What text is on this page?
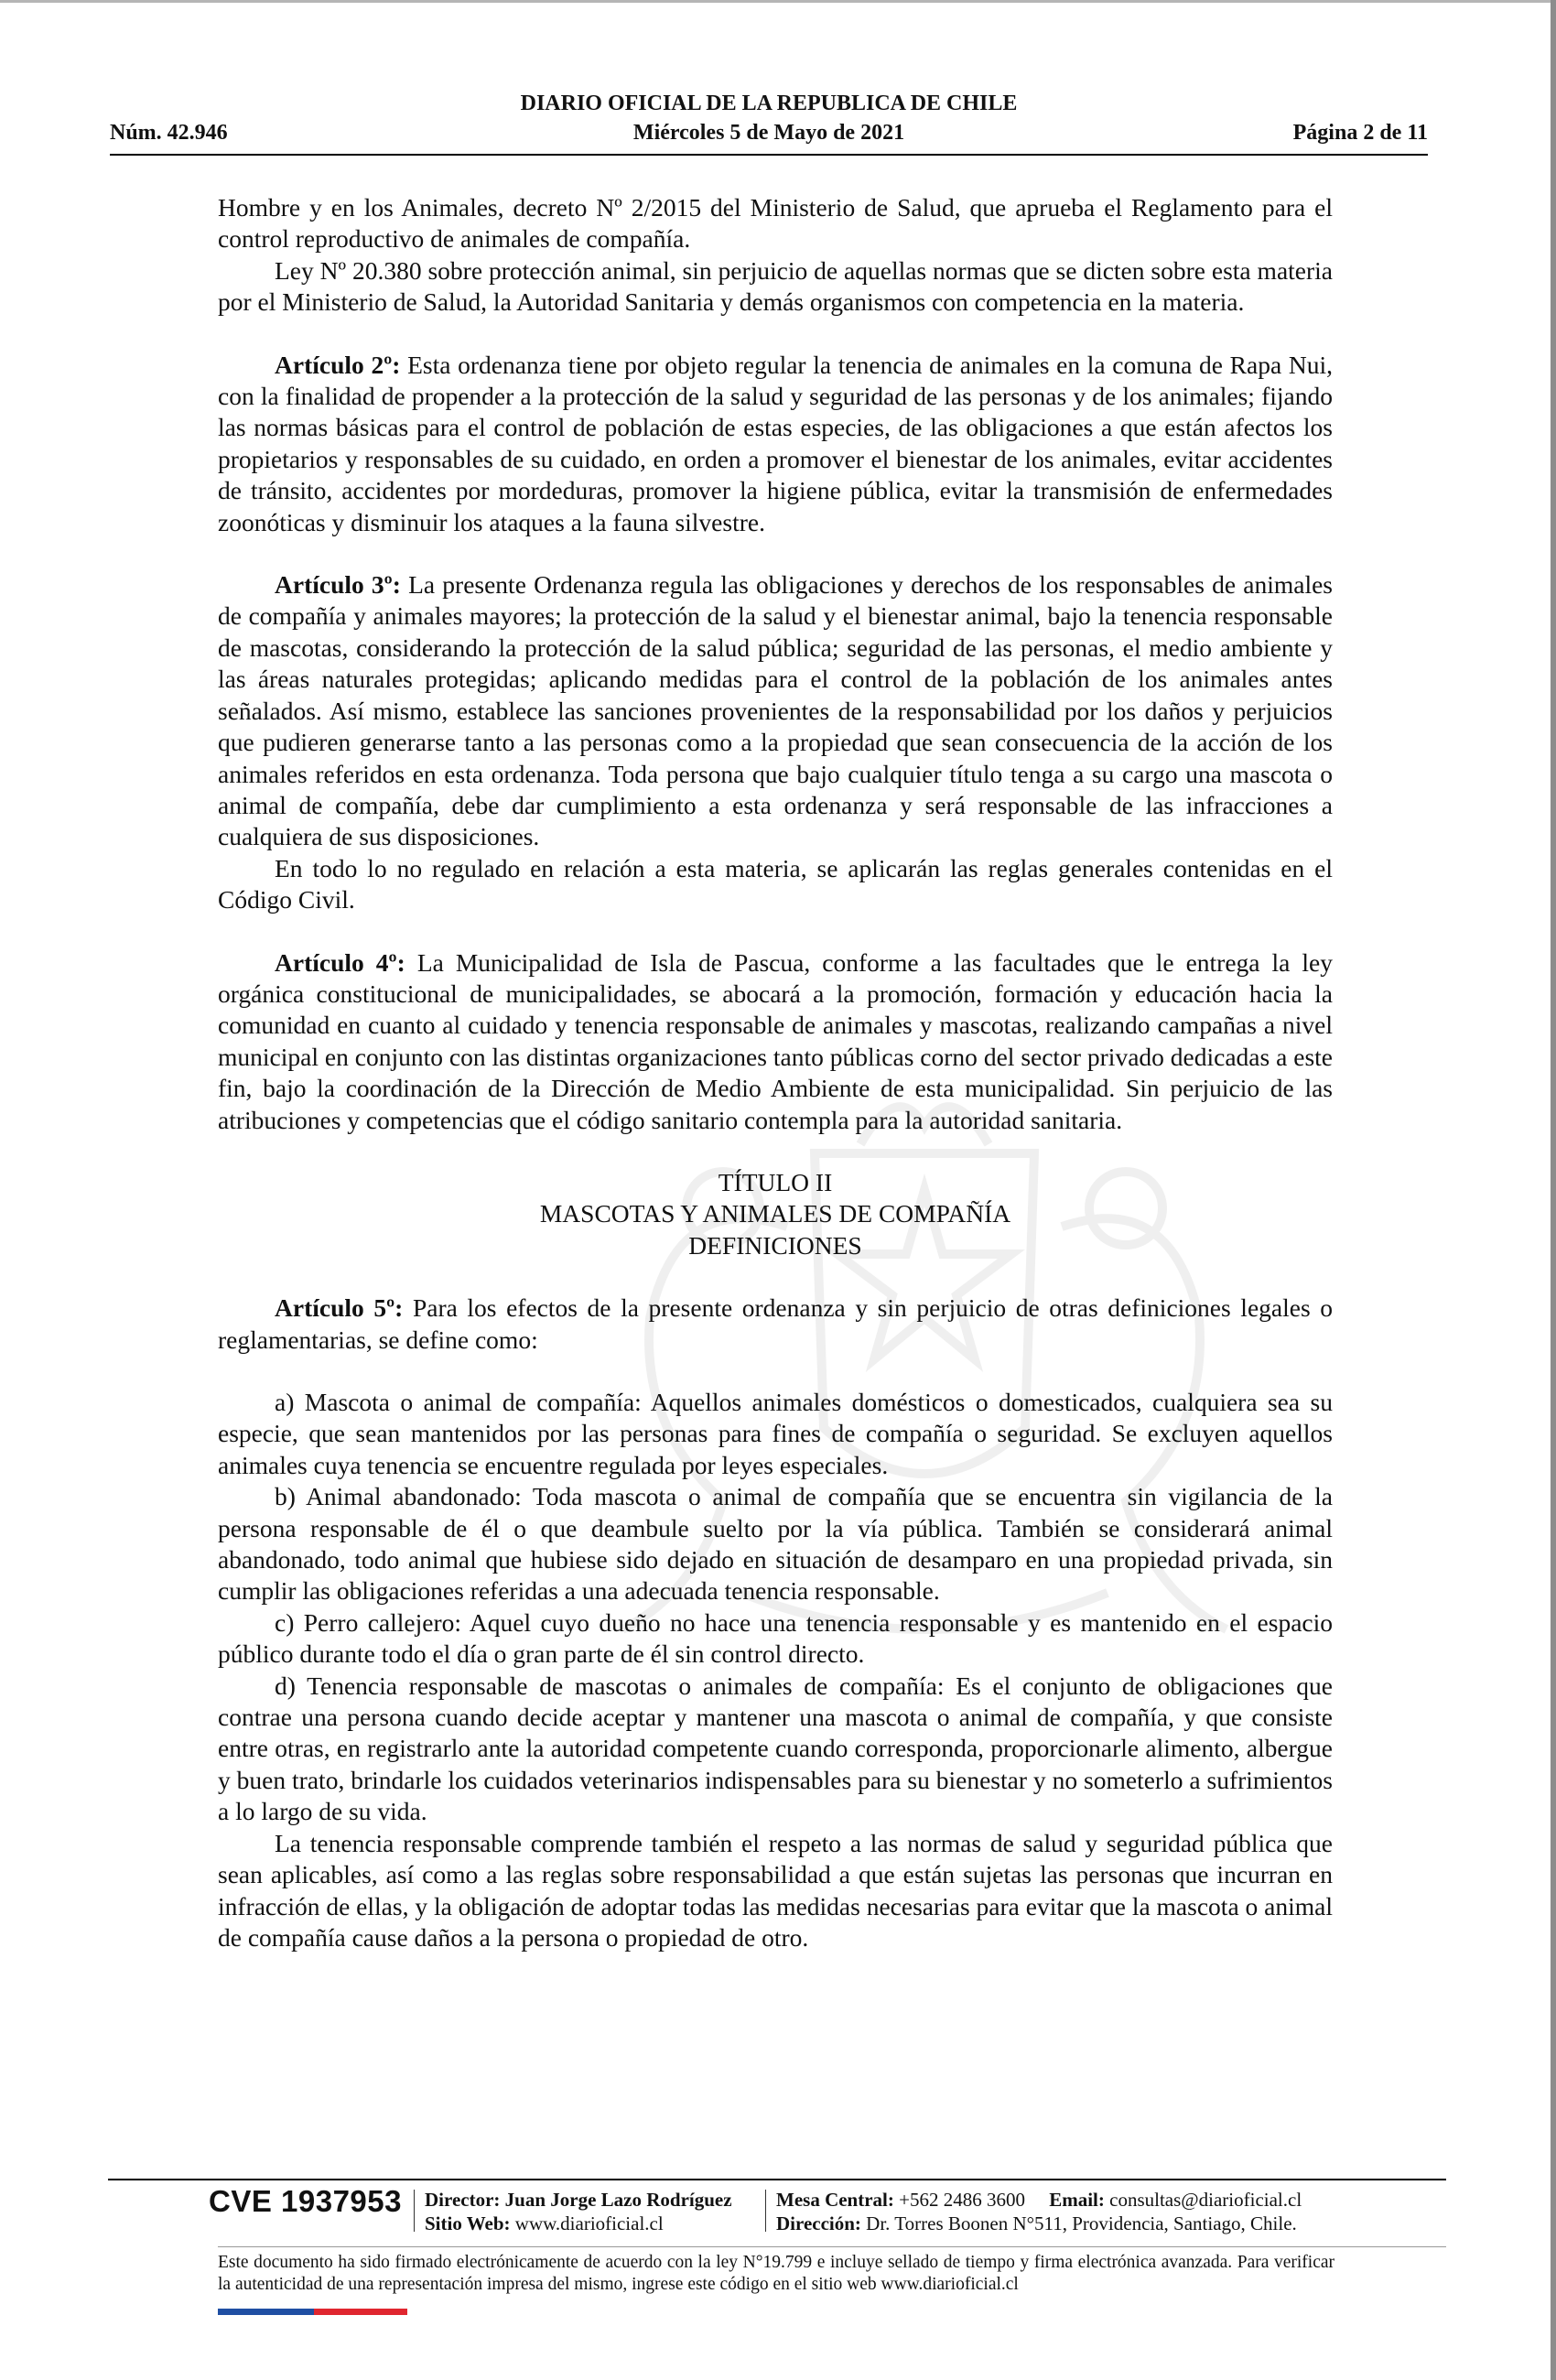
DIARIO OFICIAL DE LA REPUBLICA DE CHILE
Núm. 42.946	Miércoles 5 de Mayo de 2021	Página 2 de 11

Hombre y en los Animales, decreto Nº 2/2015 del Ministerio de Salud, que aprueba el Reglamento para el control reproductivo de animales de compañía.

Ley Nº 20.380 sobre protección animal, sin perjuicio de aquellas normas que se dicten sobre esta materia por el Ministerio de Salud, la Autoridad Sanitaria y demás organismos con competencia en la materia.

Artículo 2º: Esta ordenanza tiene por objeto regular la tenencia de animales en la comuna de Rapa Nui, con la finalidad de propender a la protección de la salud y seguridad de las personas y de los animales; fijando las normas básicas para el control de población de estas especies, de las obligaciones a que están afectos los propietarios y responsables de su cuidado, en orden a promover el bienestar de los animales, evitar accidentes de tránsito, accidentes por mordeduras, promover la higiene pública, evitar la transmisión de enfermedades zoonóticas y disminuir los ataques a la fauna silvestre.

Artículo 3º: La presente Ordenanza regula las obligaciones y derechos de los responsables de animales de compañía y animales mayores; la protección de la salud y el bienestar animal, bajo la tenencia responsable de mascotas, considerando la protección de la salud pública; seguridad de las personas, el medio ambiente y las áreas naturales protegidas; aplicando medidas para el control de la población de los animales antes señalados. Así mismo, establece las sanciones provenientes de la responsabilidad por los daños y perjuicios que pudieren generarse tanto a las personas como a la propiedad que sean consecuencia de la acción de los animales referidos en esta ordenanza. Toda persona que bajo cualquier título tenga a su cargo una mascota o animal de compañía, debe dar cumplimiento a esta ordenanza y será responsable de las infracciones a cualquiera de sus disposiciones.

En todo lo no regulado en relación a esta materia, se aplicarán las reglas generales contenidas en el Código Civil.

Artículo 4º: La Municipalidad de Isla de Pascua, conforme a las facultades que le entrega la ley orgánica constitucional de municipalidades, se abocará a la promoción, formación y educación hacia la comunidad en cuanto al cuidado y tenencia responsable de animales y mascotas, realizando campañas a nivel municipal en conjunto con las distintas organizaciones tanto públicas corno del sector privado dedicadas a este fin, bajo la coordinación de la Dirección de Medio Ambiente de esta municipalidad. Sin perjuicio de las atribuciones y competencias que el código sanitario contempla para la autoridad sanitaria.

TÍTULO II

MASCOTAS Y ANIMALES DE COMPAÑÍA

DEFINICIONES

Artículo 5º: Para los efectos de la presente ordenanza y sin perjuicio de otras definiciones legales o reglamentarias, se define como:

a) Mascota o animal de compañía: Aquellos animales domésticos o domesticados, cualquiera sea su especie, que sean mantenidos por las personas para fines de compañía o seguridad. Se excluyen aquellos animales cuya tenencia se encuentre regulada por leyes especiales.

b) Animal abandonado: Toda mascota o animal de compañía que se encuentra sin vigilancia de la persona responsable de él o que deambule suelto por la vía pública. También se considerará animal abandonado, todo animal que hubiese sido dejado en situación de desamparo en una propiedad privada, sin cumplir las obligaciones referidas a una adecuada tenencia responsable.

c) Perro callejero: Aquel cuyo dueño no hace una tenencia responsable y es mantenido en el espacio público durante todo el día o gran parte de él sin control directo.

d) Tenencia responsable de mascotas o animales de compañía: Es el conjunto de obligaciones que contrae una persona cuando decide aceptar y mantener una mascota o animal de compañía, y que consiste entre otras, en registrarlo ante la autoridad competente cuando corresponda, proporcionarle alimento, albergue y buen trato, brindarle los cuidados veterinarios indispensables para su bienestar y no someterlo a sufrimientos a lo largo de su vida.

La tenencia responsable comprende también el respeto a las normas de salud y seguridad pública que sean aplicables, así como a las reglas sobre responsabilidad a que están sujetas las personas que incurran en infracción de ellas, y la obligación de adoptar todas las medidas necesarias para evitar que la mascota o animal de compañía cause daños a la persona o propiedad de otro.

CVE 1937953 Director: Juan Jorge Lazo Rodríguez
Sitio Web: www.diarioficial.cl
Mesa Central: +562 2486 3600 Email: consultas@diarioficial.cl
Dirección: Dr. Torres Boonen N°511, Providencia, Santiago, Chile.
Este documento ha sido firmado electrónicamente de acuerdo con la ley N°19.799 e incluye sellado de tiempo y firma electrónica avanzada. Para verificar la autenticidad de una representación impresa del mismo, ingrese este código en el sitio web www.diarioficial.cl
